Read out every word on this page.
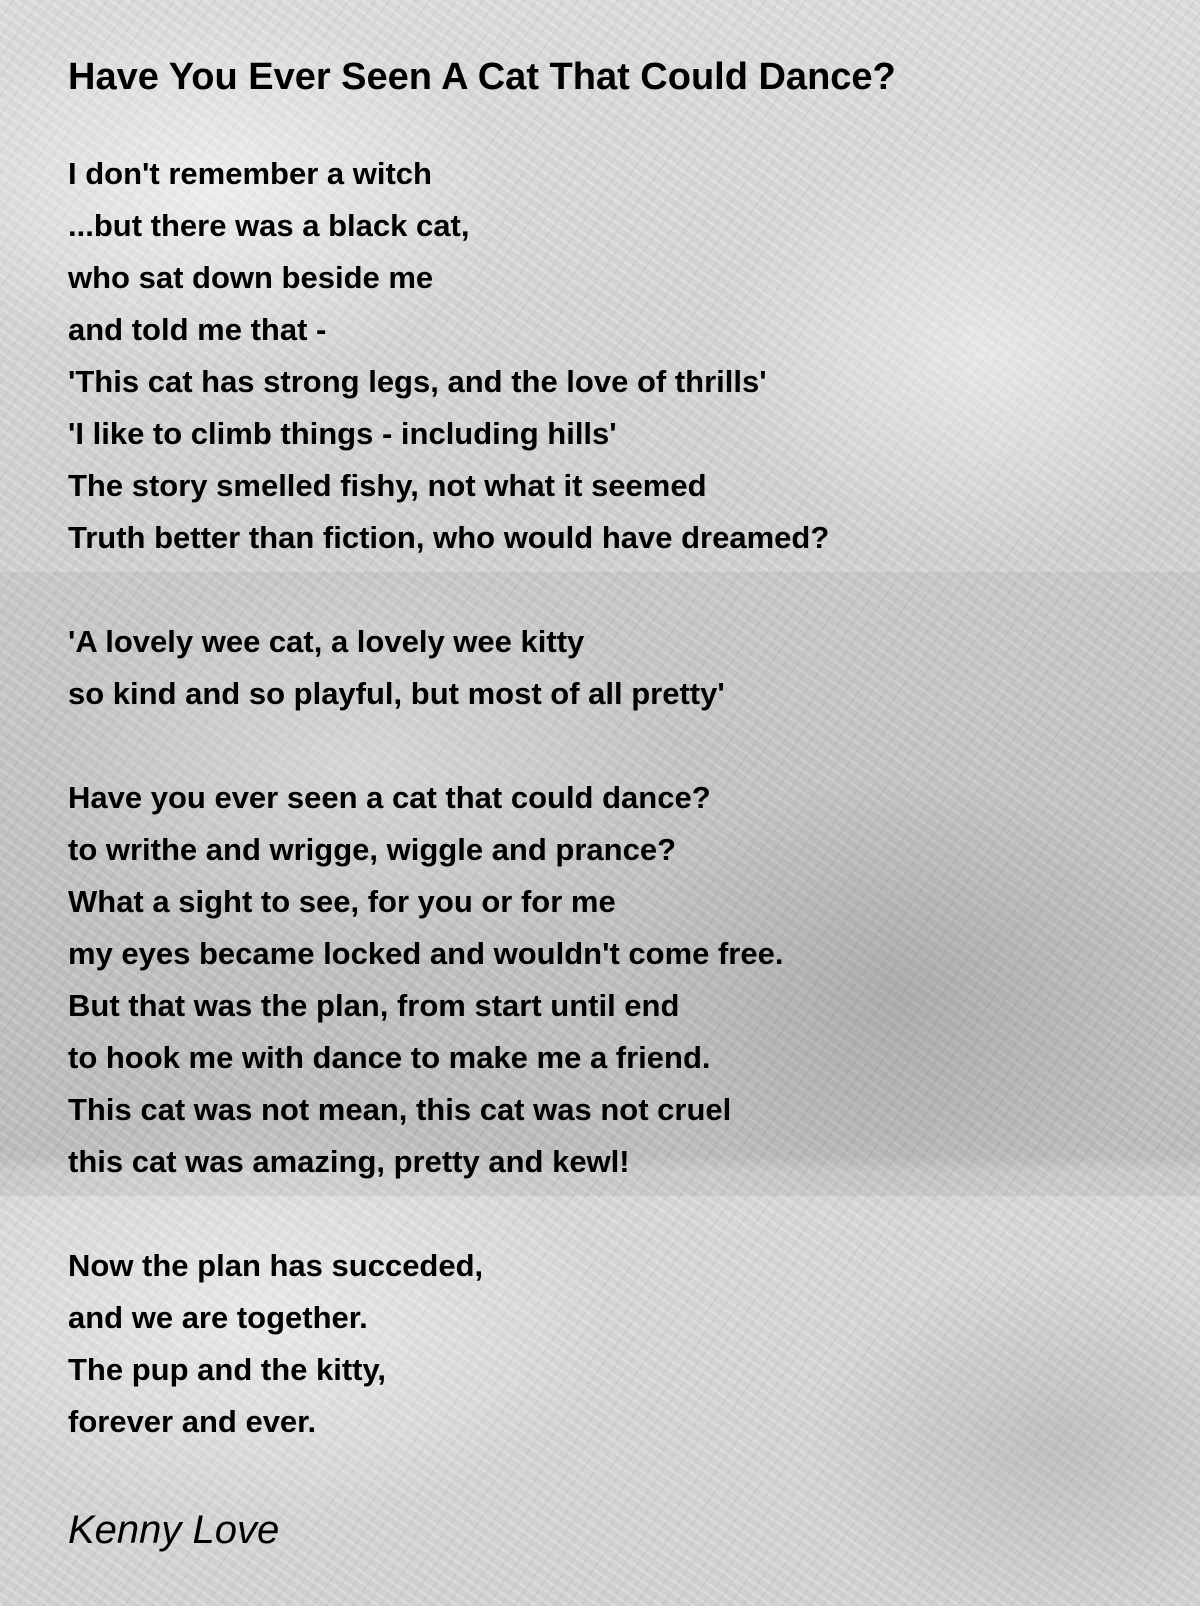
Have You Ever Seen A Cat That Could Dance?

I don't remember a witch
...but there was a black cat,
who sat down beside me
and told me that -
'This cat has strong legs, and the love of thrills'
'I like to climb things - including hills'
The story smelled fishy, not what it seemed
Truth better than fiction, who would have dreamed?

'A lovely wee cat, a lovely wee kitty
so kind and so playful, but most of all pretty'

Have you ever seen a cat that could dance?
to writhe and wrigge, wiggle and prance?
What a sight to see, for you or for me
my eyes became locked and wouldn't come free.
But that was the plan, from start until end
to hook me with dance to make me a friend.
This cat was not mean, this cat was not cruel
this cat was amazing, pretty and kewl!

Now the plan has succeded,
and we are together.
The pup and the kitty,
forever and ever.

Kenny Love
